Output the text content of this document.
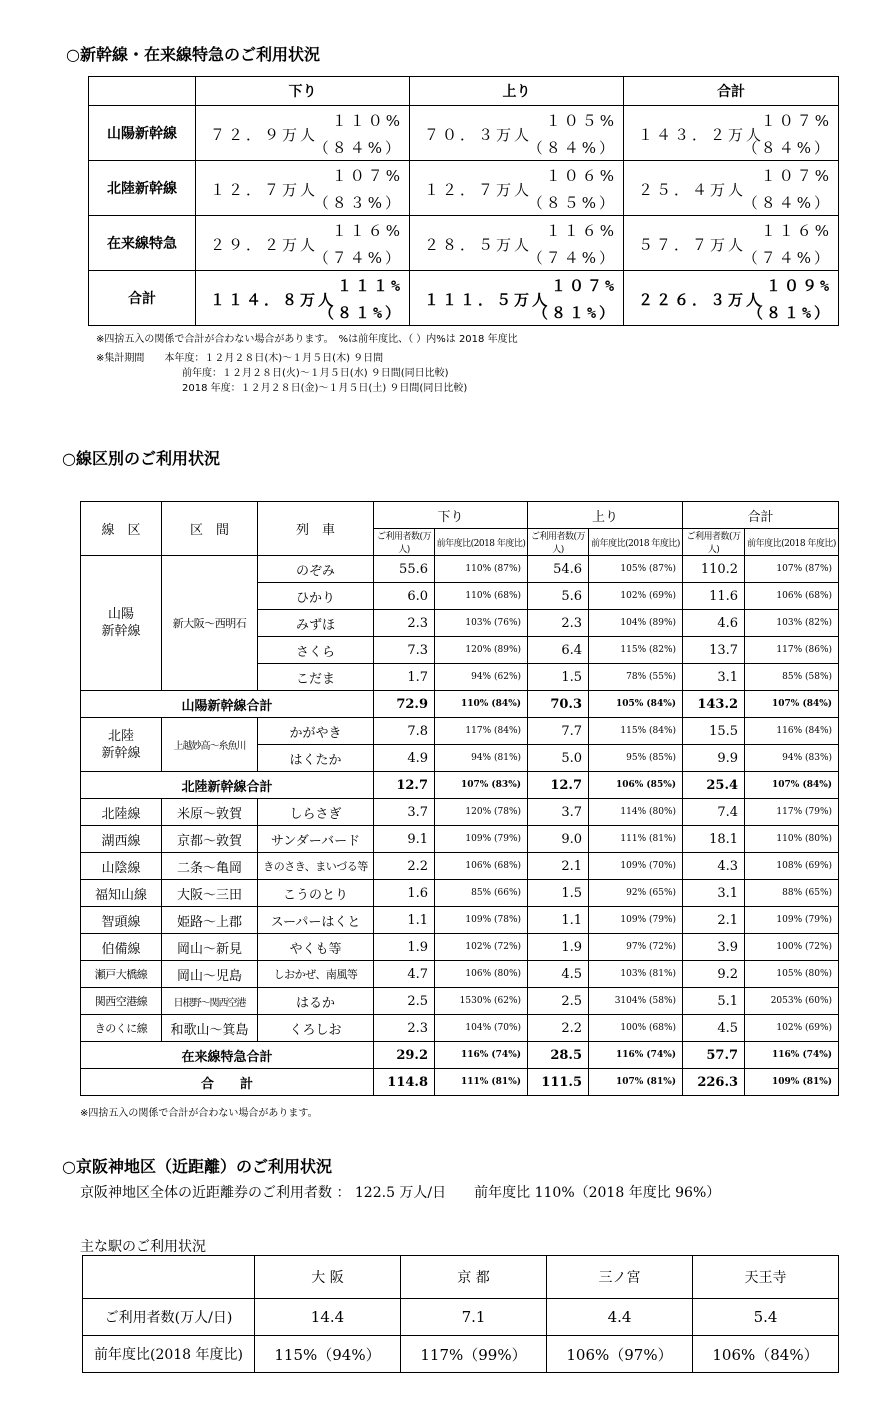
○新幹線・在来線特急のご利用状況
	下り	上り	合計
山陽新幹線	７２．９万人
１１０%
（８４%）	７０．３万人
１０５%
（８４%）	１４３．２万人
１０７%
（８４%）

北陸新幹線	１２．７万人
１０７%
（８３%）	１２．７万人
１０６%
（８５%）	２５．４万人
１０７%
（８４%）

在来線特急	２９．２万人
１１６%
（７４%）	２８．５万人
１１６%
（７４%）	５７．７万人
１１６%
（７４%）

合計	１１４．８万人
１１１%
（８１%）	１１１．５万人
１０７%
（８１%）	２２６．３万人
１０９%
（８１%）
※四捨五入の関係で合計が合わない場合があります。　%は前年度比、（ ）内%は 2018 年度比
※集計期間　　本年度：１２月２８日(木)～１月５日(木) ９日間
前年度：１２月２８日(火)～１月５日(水) ９日間(同日比較)
2018 年度：１２月２８日(金)～１月５日(土) ９日間(同日比較)
○線区別のご利用状況
線　区	区　間	列　車	下り		上り		合計	
			ご利用者数(万人)	前年度比(2018 年度比)	ご利用者数(万人)	前年度比(2018 年度比)	ご利用者数(万人)	前年度比(2018 年度比)
山陽
新幹線	新大阪～西明石	のぞみ	55.6	110% (87%)	54.6	105% (87%)	110.2	107% (87%)
		ひかり	6.0	110% (68%)	5.6	102% (69%)	11.6	106% (68%)
		みずほ	2.3	103% (76%)	2.3	104% (89%)	4.6	103% (82%)
		さくら	7.3	120% (89%)	6.4	115% (82%)	13.7	117% (86%)
		こだま	1.7	94% (62%)	1.5	78% (55%)	3.1	85% (58%)
山陽新幹線合計			72.9	110% (84%)	70.3	105% (84%)	143.2	107% (84%)
北陸
新幹線	上越妙高～糸魚川	かがやき	7.8	117% (84%)	7.7	115% (84%)	15.5	116% (84%)
		はくたか	4.9	94% (81%)	5.0	95% (85%)	9.9	94% (83%)
北陸新幹線合計			12.7	107% (83%)	12.7	106% (85%)	25.4	107% (84%)
北陸線	米原～敦賀	しらさぎ	3.7	120% (78%)	3.7	114% (80%)	7.4	117% (79%)
湖西線	京都～敦賀	サンダーバード	9.1	109% (79%)	9.0	111% (81%)	18.1	110% (80%)
山陰線	二条～亀岡	きのさき、まいづる等	2.2	106% (68%)	2.1	109% (70%)	4.3	108% (69%)
福知山線	大阪～三田	こうのとり	1.6	85% (66%)	1.5	92% (65%)	3.1	88% (65%)
智頭線	姫路～上郡	スーパーはくと	1.1	109% (78%)	1.1	109% (79%)	2.1	109% (79%)
伯備線	岡山～新見	やくも等	1.9	102% (72%)	1.9	97% (72%)	3.9	100% (72%)
瀬戸大橋線	岡山～児島	しおかぜ、南風等	4.7	106% (80%)	4.5	103% (81%)	9.2	105% (80%)
関西空港線	日根野～関西空港	はるか	2.5	1530% (62%)	2.5	3104% (58%)	5.1	2053% (60%)
きのくに線	和歌山～箕島	くろしお	2.3	104% (70%)	2.2	100% (68%)	4.5	102% (69%)
在来線特急合計			29.2	116% (74%)	28.5	116% (74%)	57.7	116% (74%)
合　　計			114.8	111% (81%)	111.5	107% (81%)	226.3	109% (81%)
※四捨五入の関係で合計が合わない場合があります。
○京阪神地区（近距離）のご利用状況
京阪神地区全体の近距離券のご利用者数 ： 122.5 万人/日　　前年度比 110%（2018 年度比 96%）
主な駅のご利用状況
	大 阪	京 都	三ノ宮	天王寺
ご利用者数(万人/日)	14.4	7.1	4.4	5.4
前年度比(2018 年度比)	115%（94%）	117%（99%）	106%（97%）	106%（84%）
